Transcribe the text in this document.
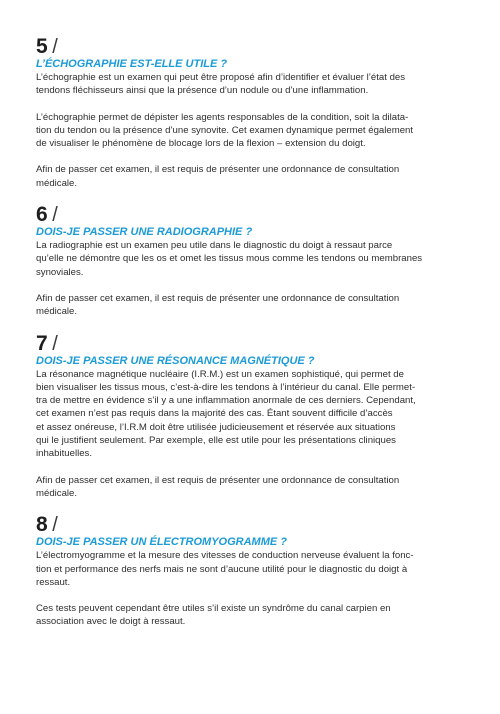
5 /
L’ÉCHOGRAPHIE EST-ELLE UTILE ?

L’échographie est un examen qui peut être proposé afin d’identifier et évaluer l’état des
tendons fléchisseurs ainsi que la présence d’un nodule ou d’une inflammation.

L’échographie permet de dépister les agents responsables de la condition, soit la dilata-
tion du tendon ou la présence d’une synovite. Cet examen dynamique permet également
de visualiser le phénomène de blocage lors de la flexion – extension du doigt.

Afin de passer cet examen, il est requis de présenter une ordonnance de consultation
médicale.

6 /
DOIS-JE PASSER UNE RADIOGRAPHIE ?

La radiographie est un examen peu utile dans le diagnostic du doigt à ressaut parce
qu’elle ne démontre que les os et omet les tissus mous comme les tendons ou membranes
synoviales.

Afin de passer cet examen, il est requis de présenter une ordonnance de consultation
médicale.

7 /
DOIS-JE PASSER UNE RÉSONANCE MAGNÉTIQUE ?

La résonance magnétique nucléaire (I.R.M.) est un examen sophistiqué, qui permet de
bien visualiser les tissus mous, c’est-à-dire les tendons à l’intérieur du canal. Elle permet-
tra de mettre en évidence s’il y a une inflammation anormale de ces derniers. Cependant,
cet examen n’est pas requis dans la majorité des cas. Étant souvent difficile d’accès
et assez onéreuse, l’I.R.M doit être utilisée judicieusement et réservée aux situations
qui le justifient seulement. Par exemple, elle est utile pour les présentations cliniques
inhabituelles.

Afin de passer cet examen, il est requis de présenter une ordonnance de consultation
médicale.

8 /
DOIS-JE PASSER UN ÉLECTROMYOGRAMME ?

L’électromyogramme et la mesure des vitesses de conduction nerveuse évaluent la fonc-
tion et performance des nerfs mais ne sont d’aucune utilité pour le diagnostic du doigt à
ressaut.

Ces tests peuvent cependant être utiles s’il existe un syndrôme du canal carpien en
association avec le doigt à ressaut.
